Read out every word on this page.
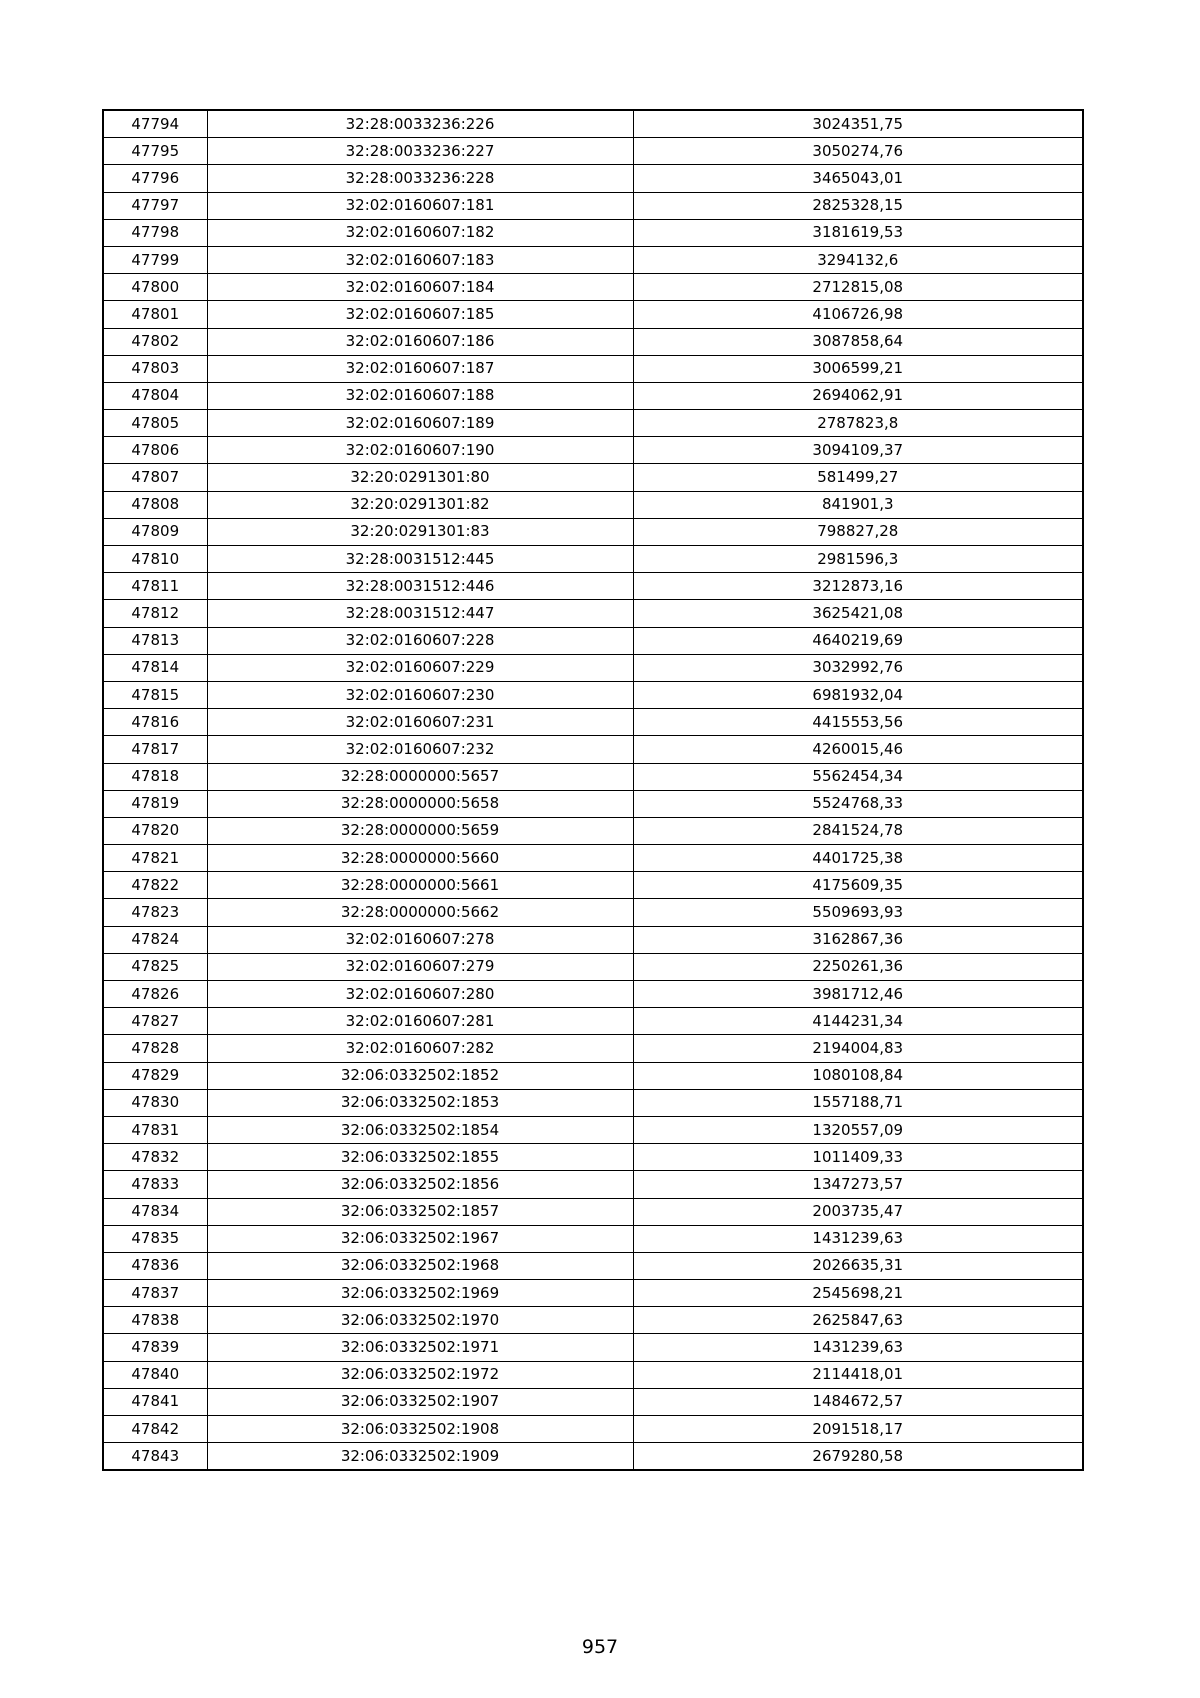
47794	32:28:0033236:226	3024351,75
47795	32:28:0033236:227	3050274,76
47796	32:28:0033236:228	3465043,01
47797	32:02:0160607:181	2825328,15
47798	32:02:0160607:182	3181619,53
47799	32:02:0160607:183	3294132,6
47800	32:02:0160607:184	2712815,08
47801	32:02:0160607:185	4106726,98
47802	32:02:0160607:186	3087858,64
47803	32:02:0160607:187	3006599,21
47804	32:02:0160607:188	2694062,91
47805	32:02:0160607:189	2787823,8
47806	32:02:0160607:190	3094109,37
47807	32:20:0291301:80	581499,27
47808	32:20:0291301:82	841901,3
47809	32:20:0291301:83	798827,28
47810	32:28:0031512:445	2981596,3
47811	32:28:0031512:446	3212873,16
47812	32:28:0031512:447	3625421,08
47813	32:02:0160607:228	4640219,69
47814	32:02:0160607:229	3032992,76
47815	32:02:0160607:230	6981932,04
47816	32:02:0160607:231	4415553,56
47817	32:02:0160607:232	4260015,46
47818	32:28:0000000:5657	5562454,34
47819	32:28:0000000:5658	5524768,33
47820	32:28:0000000:5659	2841524,78
47821	32:28:0000000:5660	4401725,38
47822	32:28:0000000:5661	4175609,35
47823	32:28:0000000:5662	5509693,93
47824	32:02:0160607:278	3162867,36
47825	32:02:0160607:279	2250261,36
47826	32:02:0160607:280	3981712,46
47827	32:02:0160607:281	4144231,34
47828	32:02:0160607:282	2194004,83
47829	32:06:0332502:1852	1080108,84
47830	32:06:0332502:1853	1557188,71
47831	32:06:0332502:1854	1320557,09
47832	32:06:0332502:1855	1011409,33
47833	32:06:0332502:1856	1347273,57
47834	32:06:0332502:1857	2003735,47
47835	32:06:0332502:1967	1431239,63
47836	32:06:0332502:1968	2026635,31
47837	32:06:0332502:1969	2545698,21
47838	32:06:0332502:1970	2625847,63
47839	32:06:0332502:1971	1431239,63
47840	32:06:0332502:1972	2114418,01
47841	32:06:0332502:1907	1484672,57
47842	32:06:0332502:1908	2091518,17
47843	32:06:0332502:1909	2679280,58
957
